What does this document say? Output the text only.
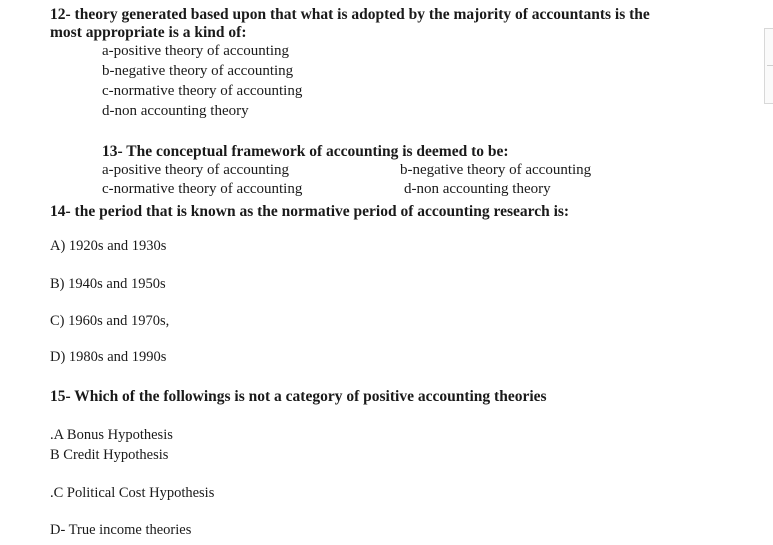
12- theory generated based upon that what is adopted by the majority of accountants is the
most appropriate is a kind of:
a-positive theory of accounting
b-negative theory of accounting
c-normative theory of accounting
d-non accounting theory
13- The conceptual framework of accounting is deemed to be:
a-positive theory of accounting	b-negative theory of accounting
c-normative theory of accounting	d-non accounting theory
14- the period that is known as the normative period of accounting research is:
A) 1920s and 1930s
B) 1940s and 1950s
C) 1960s and 1970s,
D) 1980s and 1990s
15- Which of the followings is not a category of positive accounting theories
.A Bonus Hypothesis
B Credit Hypothesis
.C Political Cost Hypothesis
D- True income theories
